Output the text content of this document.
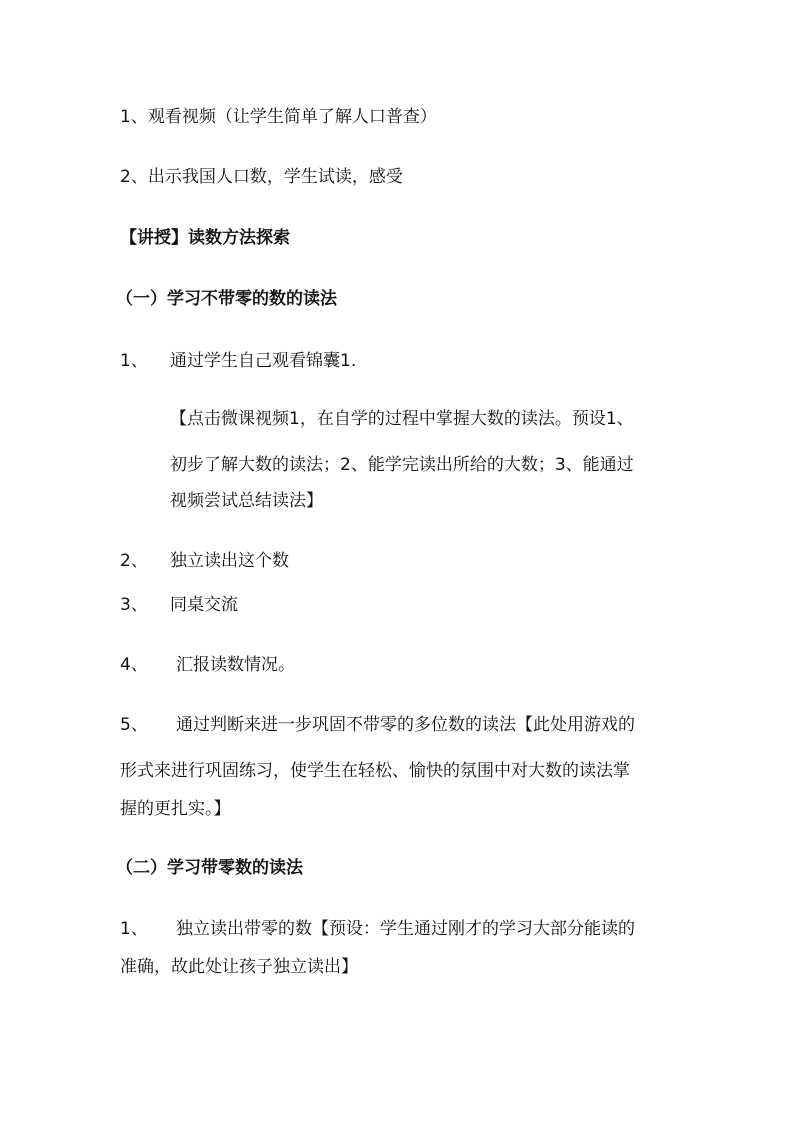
1、观看视频（让学生简单了解人口普查）
2、出示我国人口数，学生试读，感受
【讲授】读数方法探索
（一）学习不带零的数的读法
1、 通过学生自己观看锦囊1.
【点击微课视频1，在自学的过程中掌握大数的读法。预设1、
初步了解大数的读法；2、能学完读出所给的大数；3、能通过
视频尝试总结读法】
2、 独立读出这个数
3、 同桌交流
4、 汇报读数情况。
5、 通过判断来进一步巩固不带零的多位数的读法【此处用游戏的
形式来进行巩固练习，使学生在轻松、愉快的氛围中对大数的读法掌
握的更扎实。】
（二）学习带零数的读法
1、 独立读出带零的数【预设：学生通过刚才的学习大部分能读的
准确，故此处让孩子独立读出】
